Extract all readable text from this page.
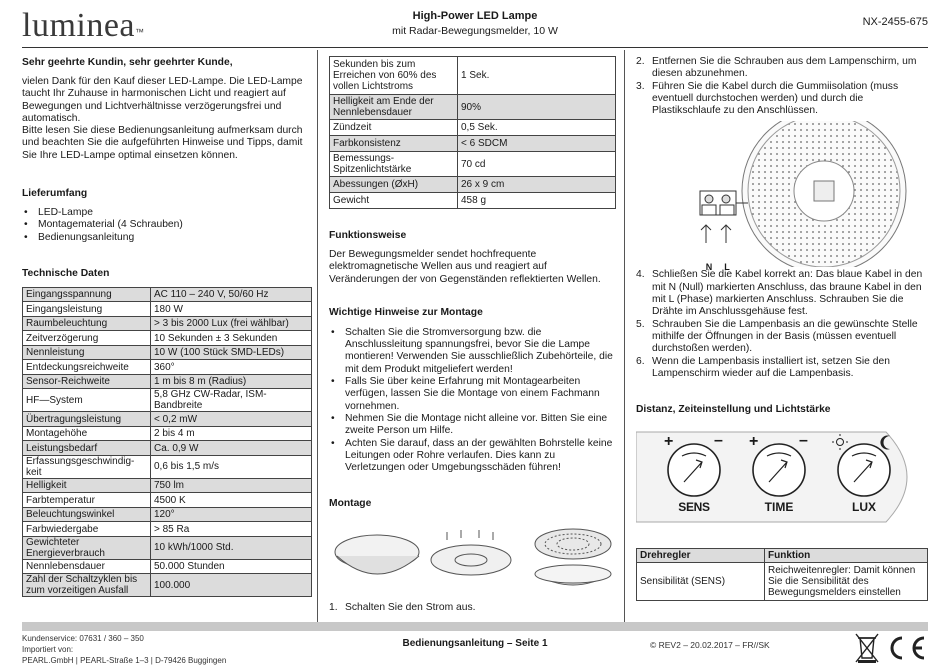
luminea™
High-Power LED Lampe
mit Radar-Bewegungsmelder, 10 W
NX-2455-675

Sehr geehrte Kundin, sehr geehrter Kunde,

vielen Dank für den Kauf dieser LED-Lampe. Die LED-Lampe taucht Ihr Zuhause in harmonischen Licht und reagiert auf Bewegungen und Lichtverhältnisse verzögerungsfrei und automatisch.

Bitte lesen Sie diese Bedienungsanleitung aufmerksam durch und beachten Sie die aufgeführten Hinweise und Tipps, damit Sie Ihre LED-Lampe optimal einsetzen können.

Lieferumfang

• LED-Lampe
• Montagematerial (4 Schrauben)
• Bedienungsanleitung

Technische Daten

Eingangsspannung	AC 110 – 240 V, 50/60 Hz
Eingangsleistung	180 W
Raumbeleuchtung	> 3 bis 2000 Lux (frei wählbar)
Zeitverzögerung	10 Sekunden ± 3 Sekunden
Nennleistung	10 W (100 Stück SMD-LEDs)
Entdeckungsreichweite	360°
Sensor-Reichweite	1 m bis 8 m (Radius)
HF—System	5,8 GHz CW-Radar, ISM-Bandbreite
Übertragungsleistung	< 0,2 mW
Montagehöhe	2 bis 4 m
Leistungsbedarf	Ca. 0,9 W
Erfassungsgeschwindig-keit	0,6 bis 1,5 m/s
Helligkeit	750 lm
Farbtemperatur	4500 K
Beleuchtungswinkel	120°
Farbwiedergabe	> 85 Ra
Gewichteter Energieverbrauch	10 kWh/1000 Std.
Nennlebensdauer	50.000 Stunden
Zahl der Schaltzyklen bis zum vorzeitigen Ausfall	100.000
Sekunden bis zum Erreichen von 60% des vollen Lichtstroms	1 Sek.
Helligkeit am Ende der Nennlebensdauer	90%
Zündzeit	0,5 Sek.
Farbkonsistenz	< 6 SDCM
Bemessungs-Spitzenlichtstärke	70 cd
Abessungen (ØxH)	26 x 9 cm
Gewicht	458 g

Funktionsweise

Der Bewegungsmelder sendet hochfrequente elektromagnetische Wellen aus und reagiert auf Veränderungen der von Gegenständen reflektierten Wellen.

Wichtige Hinweise zur Montage

• Schalten Sie die Stromversorgung bzw. die Anschlussleitung spannungsfrei, bevor Sie die Lampe montieren! Verwenden Sie ausschließlich Zubehörteile, die mit dem Produkt mitgeliefert werden!
• Falls Sie über keine Erfahrung mit Montagearbeiten verfügen, lassen Sie die Montage von einem Fachmann vornehmen.
• Nehmen Sie die Montage nicht alleine vor. Bitten Sie eine zweite Person um Hilfe.
• Achten Sie darauf, dass an der gewählten Bohrstelle keine Leitungen oder Rohre verlaufen. Dies kann zu Verletzungen oder Umgebungsschäden führen!

Montage

1. Schalten Sie den Strom aus.
2. Entfernen Sie die Schrauben aus dem Lampenschirm, um diesen abzunehmen.
3. Führen Sie die Kabel durch die Gummiisolation (muss eventuell durchstochen werden) und durch die Plastikschlaufe zu den Anschlüssen.
N	L
4. Schließen Sie die Kabel korrekt an: Das blaue Kabel in den mit N (Null) markierten Anschluss, das braune Kabel in den mit L (Phase) markierten Anschluss. Schrauben Sie die Drähte im Anschlussgehäuse fest.
5. Schrauben Sie die Lampenbasis an die gewünschte Stelle mithilfe der Öffnungen in der Basis (müssen eventuell durchstoßen werden).
6. Wenn die Lampenbasis installiert ist, setzen Sie den Lampenschirm wieder auf die Lampenbasis.

Distanz, Zeiteinstellung und Lichtstärke

+	– +	–
SENS	TIME	LUX
Drehregler	Funktion
Sensibilität (SENS)	Reichweitenregler: Damit können Sie die Sensibilität des Bewegungsmelders einstellen
Kundenservice: 07631 / 360 – 350
Importiert von:
PEARL.GmbH | PEARL-Straße 1–3 | D-79426 Buggingen
Bedienungsanleitung – Seite 1	© REV2 – 20.02.2017 – FR//SK
